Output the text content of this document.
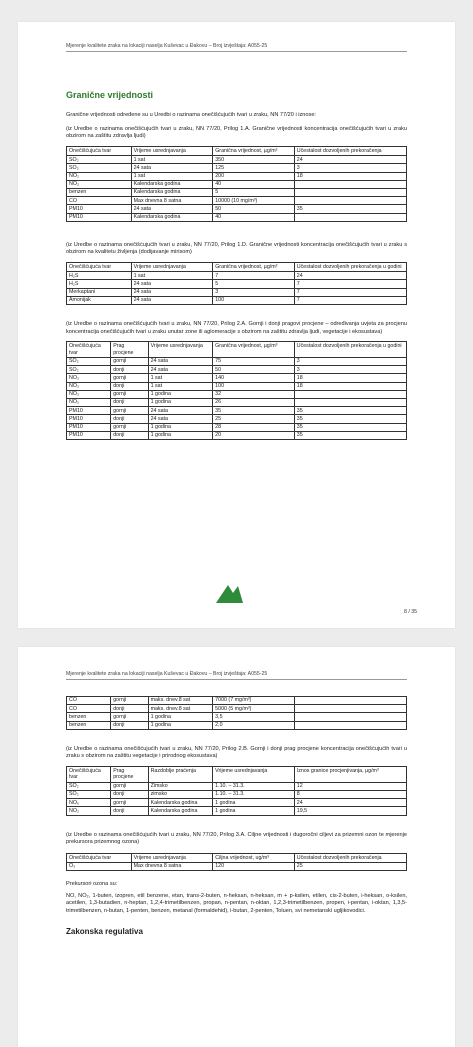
Mjerenje kvalitete zraka na lokaciji naselja Kuševac u Đakovu – Broj izvještaja: A055-25
Granične vrijednosti

Granične vrijednosti određene su u Uredbi o razinama onečišćujućih tvari u zraku, NN 77/20 i iznose:

(iz Uredbe o razinama onečišćujućih tvari u zraku, NN 77/20, Prilog 1.A. Granične vrijednosti koncentracija onečišćujućih tvari u zraku obzirom na zaštitu zdravlja ljudi)

Onečišćujuća tvar	Vrijeme usrednjavanja	Granična vrijednost, µg/m³	Učestalost dozvoljenih prekoračenja
SO₂	1 sat	350	24
SO₂	24 sata	125	3
NO₂	1 sat	200	18
NO₂	Kalendarska godina	40	
benzen	Kalendarska godina	5	
CO	Max dnevna 8 satna	10000 (10 mg/m³)	
PM10	24 sata	50	35
PM10	Kalendarska godina	40	

(iz Uredbe o razinama onečišćujućih tvari u zraku, NN 77/20, Prilog 1.D. Granične vrijednosti koncentracija onečišćujućih tvari u zraku s obzirom na kvalitetu življenja (dodijavanje mirisom)

Onečišćujuća tvar	Vrijeme usrednjavanja	Granična vrijednost, µg/m³	Učestalost dozvoljenih prekoračenja u godini
H₂S	1 sat	7	24
H₂S	24 sata	5	7
Merkaptani	24 sata	3	7
Amonijak	24 sata	100	7

(iz Uredbe o razinama onečišćujućih tvari u zraku, NN 77/20, Prilog 2.A. Gornji i donji pragovi procjene – određivanja uvjeta za procjenu koncentracija onečišćujućih tvari u zraku unutar zone ili aglomeracije s obzirom na zaštitu zdravlja ljudi, vegetacije i ekosustava)

Onečišćujuća tvar	Prag procjene	Vrijeme usrednjavanja	Granična vrijednost, µg/m³	Učestalost dozvoljenih prekoračenja u godini
SO₂	gornji	24 sata	75	3
SO₂	donji	24 sata	50	3
NO₂	gornji	1 sat	140	18
NO₂	donji	1 sat	100	18
NO₂	gornji	1 godina	32	
NO₂	donji	1 godina	26	
PM10	gornji	24 sata	35	35
PM10	donji	24 sata	25	35
PM10	gornji	1 godina	28	35
PM10	donji	1 godina	20	35
8 / 35
Mjerenje kvalitete zraka na lokaciji naselja Kuševac u Đakovu – Broj izvještaja: A055-25
CO	gornji	maks. dnev.8 sat	7000 (7 mg/m³)	
CO	donji	maks. dnev.8 sat	5000 (5 mg/m³)	
benzen	gornji	1 godina	3,5	
benzen	donji	1 godina	2,0	

(iz Uredbe o razinama onečišćujućih tvari u zraku, NN 77/20, Prilog 2.B. Gornji i donji prag procjene koncentracija onečišćujućih tvari u zraku s obzirom na zaštitu vegetacije i prirodnog ekosustava)

Onečišćujuća tvar	Prag procjene	Razdoblje praćenja	Vrijeme usrednjavanja	Iznos granice procjenjivanja, µg/m³
SO₂	gornji	Zimsko	1.10. – 31.3.	12
SO₂	donji	zimsko	1.10. – 31.3.	8
NOₓ	gornji	Kalendarska godina	1 godina	24
NO₂	donji	Kalendarska godina	1 godina	19,5

(iz Uredbe o razinama onečišćujućih tvari u zraku, NN 77/20, Prilog 3.A. Ciljne vrijednosti i dugoročni ciljevi za prizemni ozon te mjerenje prekursora prizemnog ozona)

Onečišćujuća tvar	Vrijeme usrednjavanja	Ciljna vrijednost, ug/m³	Učestalost dozvoljenih prekoračenja
O₃	Max dnevna 8 satna	120	25

Prekursori ozona su:

NO, NO₂, 1-buten, izopren, etil benzene, etan, trans-2-buten, n-heksan, n-heksan, m + p-ksilen, etilen, cis-2-buten, i-heksan, o-ksilen, acetilen, 1,3-butadien, n-heptan, 1,2,4-trimetilbenzen, propan, n-pentan, n-oktan, 1,2,3-trimetilbenzen, propen, i-pentan, i-oktan, 1,3,5-trimetilbenzen, n-butan, 1-penten, benzen, metanal (formaldehid), i-butan, 2-penten, Toluen, svi nemetanski ugljikovodici.

Zakonska regulativa
